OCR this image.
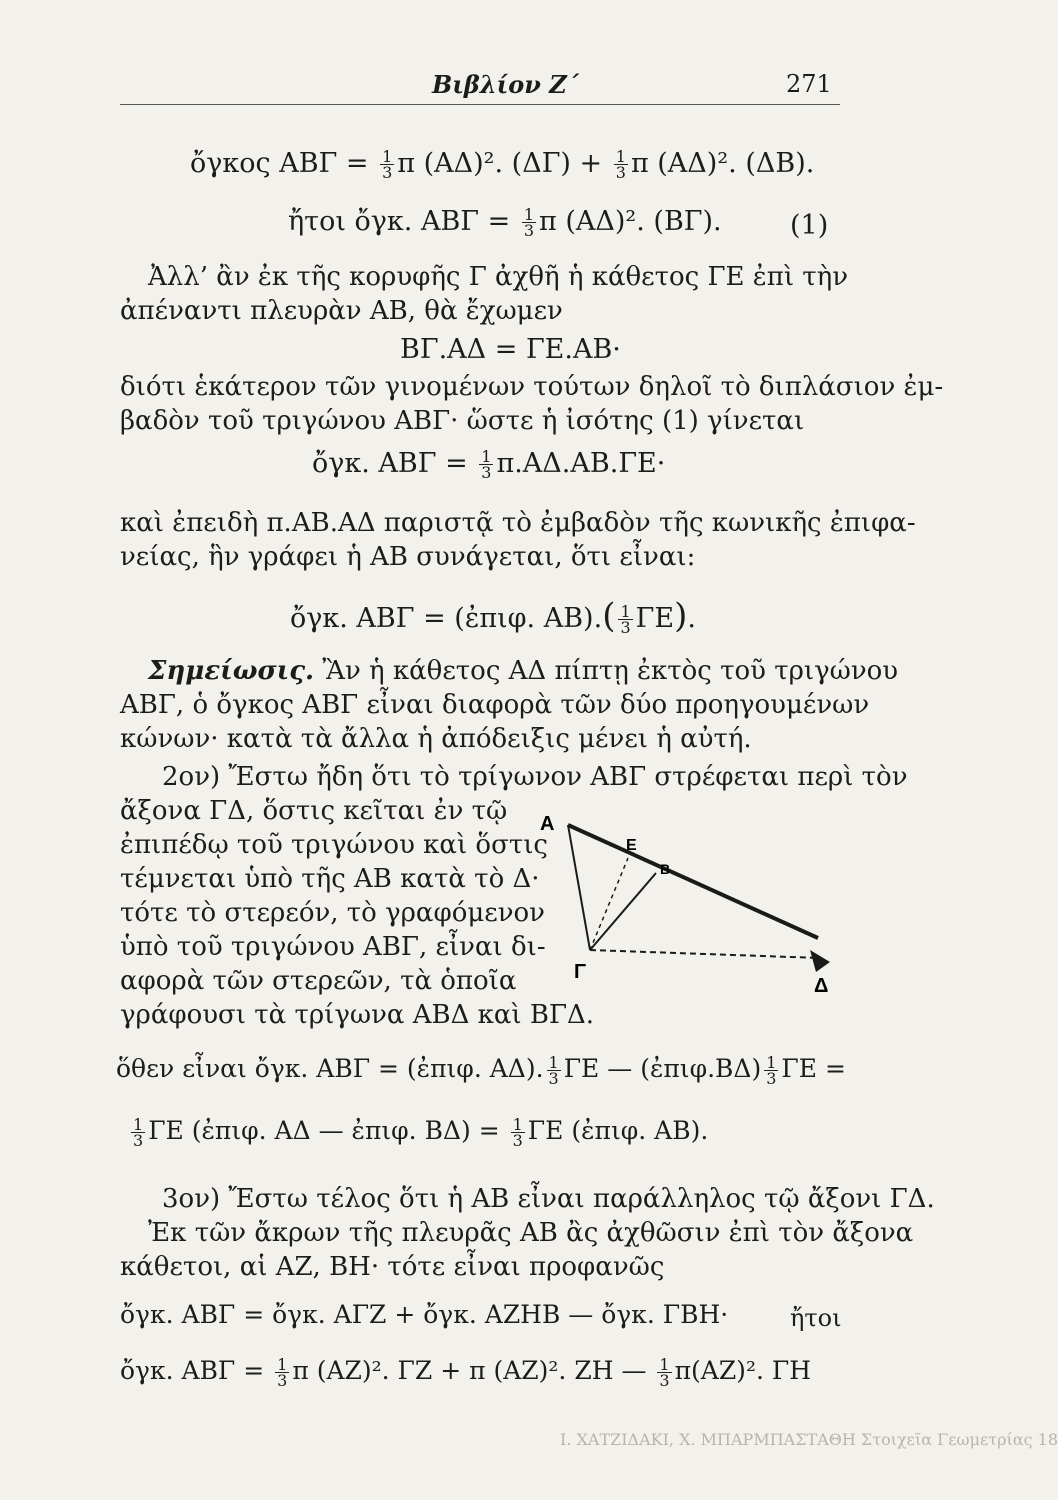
Βιβλίον Ζ΄	271
ὄγκος $AB\Gamma = \frac{1}{3}$ π (ΑΔ)². $(\Delta\Gamma) + \frac{1}{3}$ π (ΑΔ)². (ΔΒ).
ἤτοι ὄγκ. $AB\Gamma = \frac{1}{3}$ π (ΑΔ)². (ΒΓ).	(1)
Ἀλλ’ ἂν ἐκ τῆς κορυφῆς Γ ἀχθῆ ἡ κάθετος ΓΕ ἐπὶ τὴν
ἀπέναντι πλευρὰν ΑΒ, θὰ ἔχωμεν
ΒΓ.ΑΔ = ΓΕ.ΑΒ·
διότι ἑκάτερον τῶν γινομένων τούτων δηλοῖ τὸ διπλάσιον ἐμ-
βαδὸν τοῦ τριγώνου ΑΒΓ· ὥστε ἡ ἰσότης (1) γίνεται
ὄγκ. $AB\Gamma = \frac{1}{3} \pi.A\Delta.AB.\Gamma E\cdot$
καὶ ἐπειδὴ π.ΑΒ.ΑΔ παριστᾷ τὸ ἐμβαδὸν τῆς κωνικῆς ἐπιφα-
νείας, ἣν γράφει ἡ ΑΒ συνάγεται, ὅτι εἶναι:
ὄγκ. ΑΒΓ = (ἐπιφ. $AB).( \frac{1}{3} \Gamma E)$.
Σημείωσις. Ἂν ἡ κάθετος ΑΔ πίπτῃ ἐκτὸς τοῦ τριγώνου
ΑΒΓ, ὁ ὄγκος ΑΒΓ εἶναι διαφορὰ τῶν δύο προηγουμένων
κώνων· κατὰ τὰ ἄλλα ἡ ἀπόδειξις μένει ἡ αὐτή.
2ον) Ἔστω ἤδη ὅτι τὸ τρίγωνον ΑΒΓ στρέφεται περὶ τὸν
ἄξονα ΓΔ, ὅστις κεῖται ἐν τῷ
ἐπιπέδῳ τοῦ τριγώνου καὶ ὅστις
τέμνεται ὑπὸ τῆς ΑΒ κατὰ τὸ Δ·
τότε τὸ στερεόν, τὸ γραφόμενον
ὑπὸ τοῦ τριγώνου ΑΒΓ, εἶναι δι-
αφορὰ τῶν στερεῶν, τὰ ὁποῖα
γράφουσι τὰ τρίγωνα ΑΒΔ καὶ ΒΓΔ.
A
E
B
Γ
Δ
ὅθεν εἶναι ὄγκ. ΑΒΓ = (ἐπιφ. ΑΔ). $\frac{1}{3}$ ΓΕ — (ἐπιφ.ΒΔ) $\frac{1}{3}$ ΓΕ =
$\frac{1}{3}$ ΓΕ (ἐπιφ. ΑΔ — ἐπιφ. $B\Delta) = \frac{1}{3}$ ΓΕ (ἐπιφ. ΑΒ).
3ον) Ἔστω τέλος ὅτι ἡ ΑΒ εἶναι παράλληλος τῷ ἄξονι ΓΔ.
Ἐκ τῶν ἄκρων τῆς πλευρᾶς ΑΒ ἂς ἀχθῶσιν ἐπὶ τὸν ἄξονα
κάθετοι, αἱ ΑΖ, ΒΗ· τότε εἶναι προφανῶς
ὄγκ. ΑΒΓ = ὄγκ. ΑΓΖ + ὄγκ. ΑΖΗΒ — ὄγκ. ΓΒΗ·	ἤτοι
ὄγκ. $AB\Gamma = \frac{1}{3}$ π (ΑΖ)². ΓΖ + π (ΑΖ)². ΖΗ — $\frac{1}{3} \pi(AZ)^2$. ΓΗ
Ι. ΧΑΤΖΙΔΑΚΙ, Χ. ΜΠΑΡΜΠΑΣΤΑΘΗ Στοιχεῖα Γεωμετρίας 18
